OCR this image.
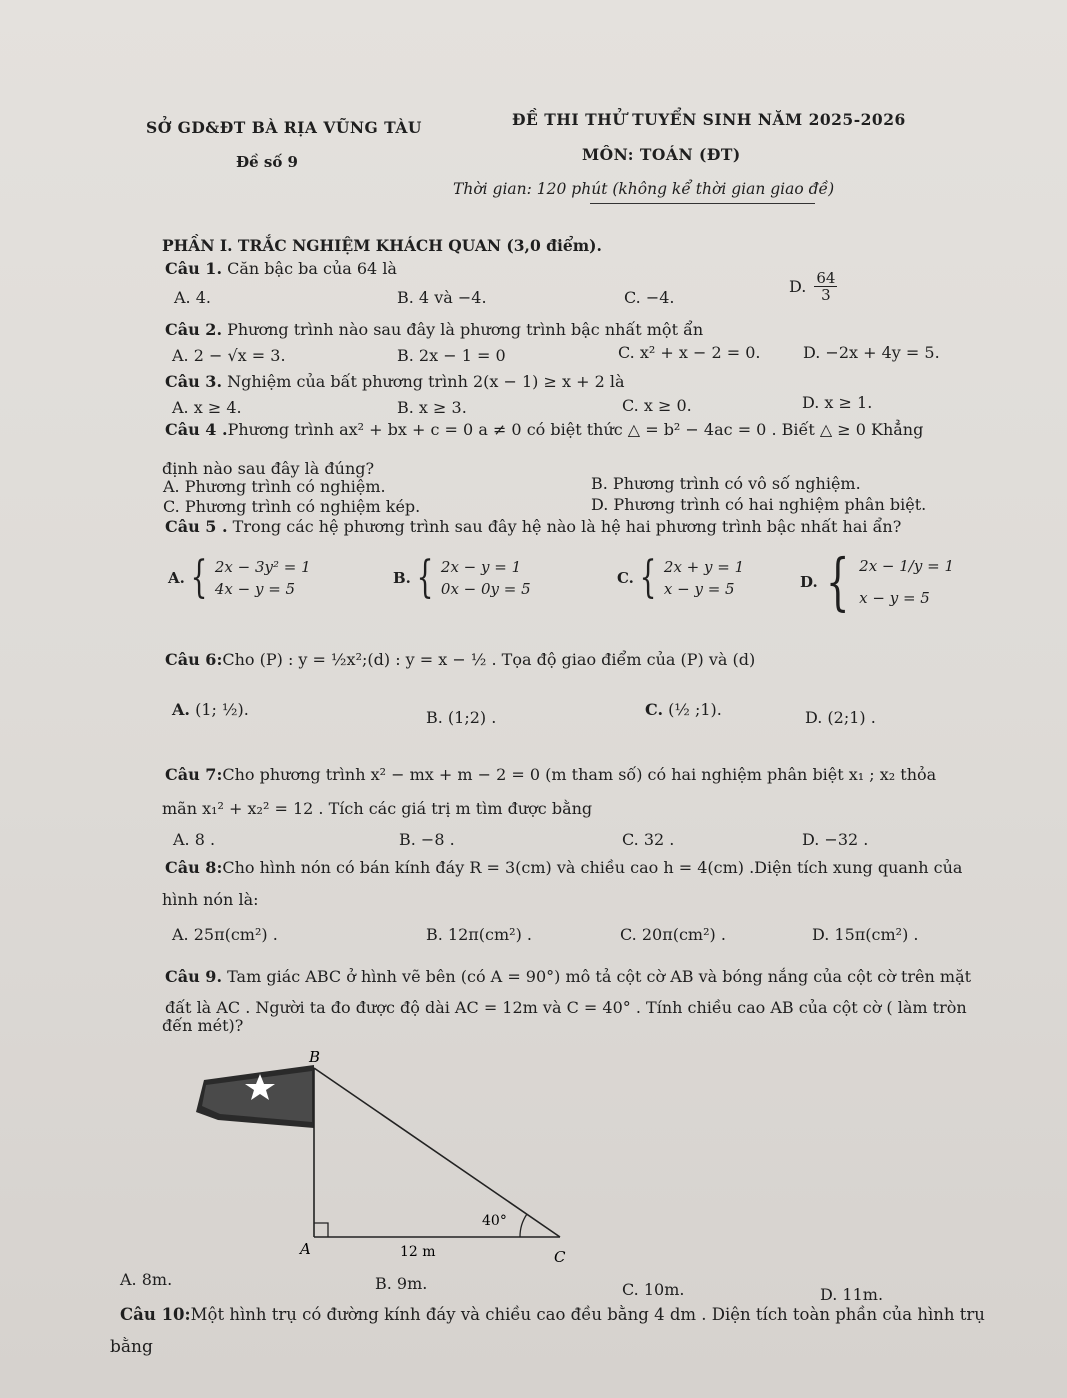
SỞ GD&ĐT BÀ RỊA VŨNG TÀU
Đề số 9
ĐỀ THI THỬ TUYỂN SINH NĂM 2025-2026
MÔN: TOÁN (ĐT)
Thời gian: 120 phút (không kể thời gian giao đề)
PHẦN I. TRẮC NGHIỆM KHÁCH QUAN (3,0 điểm).
Câu 1. Căn bậc ba của 64 là
A. 4.	B. 4 và −4.	C. −4.
D. $\frac{64}{3}$
Câu 2. Phương trình nào sau đây là phương trình bậc nhất một ẩn
A. 2 − √x = 3.	B. 2x − 1 = 0	C. x² + x − 2 = 0.	D. −2x + 4y = 5.
Câu 3. Nghiệm của bất phương trình 2(x − 1) ≥ x + 2 là
A. x ≥ 4.	B. x ≥ 3.	C. x ≥ 0.	D. x ≥ 1.
Câu 4 .Phương trình ax² + bx + c = 0 a ≠ 0 có biệt thức △ = b² − 4ac = 0 . Biết △ ≥ 0 Khẳng
định nào sau đây là đúng?
A. Phương trình có nghiệm.	B. Phương trình có vô số nghiệm.
C. Phương trình có nghiệm kép.	D. Phương trình có hai nghiệm phân biệt.
Câu 5 . Trong các hệ phương trình sau đây hệ nào là hệ hai phương trình bậc nhất hai ẩn?
A. { 2x − 3y² = 1
4x − y = 5
B. { 2x − y = 1
0x − 0y = 5
C. { 2x + y = 1
x − y = 5	D. { 2x − 1/y = 1
x − y = 5
Câu 6:Cho (P) : y = ½x²;(d) : y = x − ½ . Tọa độ giao điểm của (P) và (d)
A.
(1; ½).	B. (1;2) .	C.
(½ ;1).	D. (2;1) .
Câu 7:Cho phương trình x² − mx + m − 2 = 0 (m tham số) có hai nghiệm phân biệt x₁ ; x₂ thỏa
mãn x₁² + x₂² = 12 . Tích các giá trị m tìm được bằng
A. 8 .	B. −8 .	C. 32 .	D. −32 .
Câu 8:Cho hình nón có bán kính đáy R = 3(cm) và chiều cao h = 4(cm) .Diện tích xung quanh của
hình nón là:
A. 25π(cm²) .	B. 12π(cm²) .	C. 20π(cm²) .	D. 15π(cm²) .
Câu 9. Tam giác ABC ở hình vẽ bên (có A = 90°) mô tả cột cờ AB và bóng nắng của cột cờ trên mặt
đất là AC . Người ta đo được độ dài AC = 12m và C = 40° . Tính chiều cao AB của cột cờ ( làm tròn
đến mét)?
B
A	C
40°
12 m
A. 8m.	B. 9m.	C. 10m.	D. 11m.
Câu 10:Một hình trụ có đường kính đáy và chiều cao đều bằng 4 dm . Diện tích toàn phần của hình trụ
bằng
